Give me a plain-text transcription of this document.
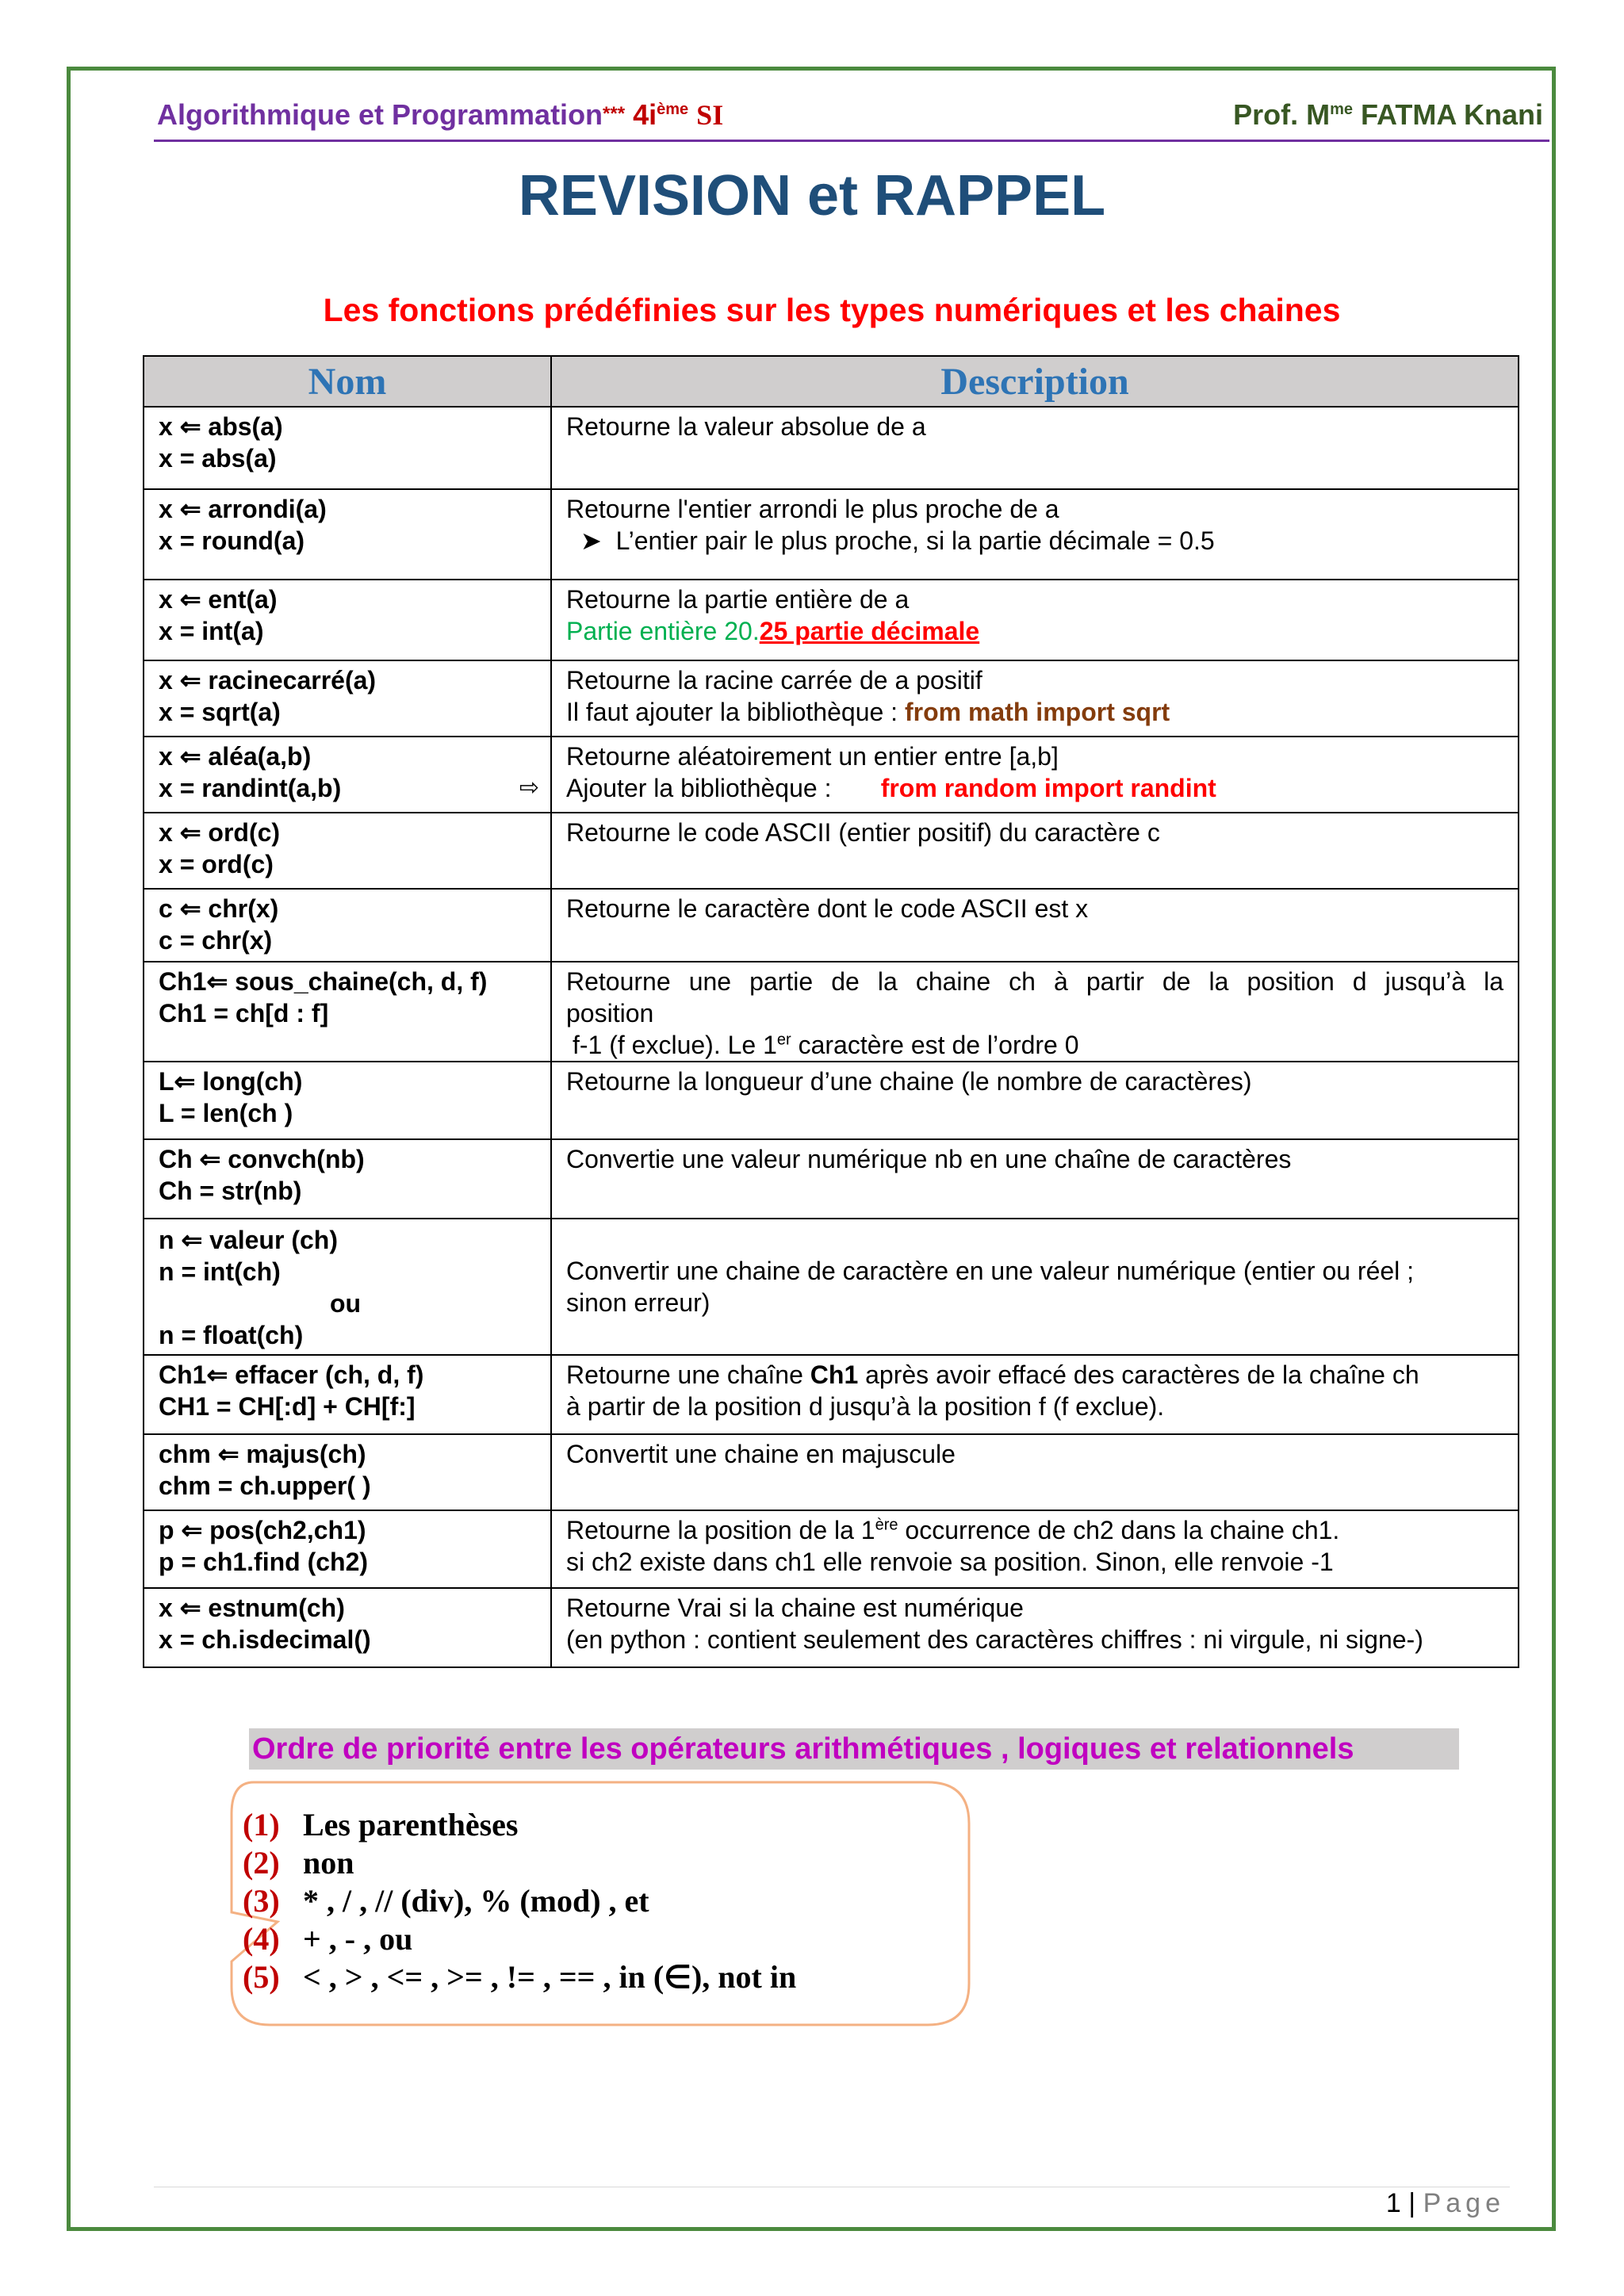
Algorithmique et Programmation*** $4i^{ème}$ SI	Prof. $M^{me}$ FATMA Knani
REVISION et RAPPEL
Les fonctions prédéfinies sur les types numériques et les chaines
Nom	Description

x ⇐ abs(a)
x = abs(a)	Retourne la valeur absolue de a

x ⇐ arrondi(a)
x = round(a)	Retourne l'entier arrondi le plus proche de a
➤ L’entier pair le plus proche, si la partie décimale = 0.5

x ⇐ ent(a)
x = int(a)	Retourne la partie entière de a
Partie entière 20.25 partie décimale

x ⇐ racinecarré(a)
x = sqrt(a)	Retourne la racine carrée de a positif
Il faut ajouter la bibliothèque : from math import sqrt

x ⇐ aléa(a,b)
x = randint(a,b) ⇨	Retourne aléatoirement un entier entre [a,b]
Ajouter la bibliothèque : from random import randint

x ⇐ ord(c)
x = ord(c)	Retourne le code ASCII (entier positif) du caractère c

c ⇐ chr(x)
c = chr(x)	Retourne le caractère dont le code ASCII est x

Ch1⇐ sous_chaine(ch, d, f)
Ch1 = ch[d : f]	Retourne une partie de la chaine ch à partir de la position d jusqu’à la
position
f-1 (f exclue). Le 1er caractère est de l’ordre 0

L⇐ long(ch)
L = len(ch )	Retourne la longueur d’une chaine (le nombre de caractères)

Ch ⇐ convch(nb)
Ch = str(nb)	Convertie une valeur numérique nb en une chaîne de caractères

n ⇐ valeur (ch)
n = int(ch)
ou
n = float(ch)	Convertir une chaine de caractère en une valeur numérique (entier ou réel ;
sinon erreur)

Ch1⇐ effacer (ch, d, f)
CH1 = CH[:d] + CH[f:]	Retourne une chaîne Ch1 après avoir effacé des caractères de la chaîne ch
à partir de la position d jusqu’à la position f (f exclue).

chm ⇐ majus(ch)
chm = ch.upper( )	Convertit une chaine en majuscule

p ⇐ pos(ch2,ch1)
p = ch1.find (ch2)	Retourne la position de la 1ère occurrence de ch2 dans la chaine ch1.
si ch2 existe dans ch1 elle renvoie sa position. Sinon, elle renvoie -1

x ⇐ estnum(ch)
x = ch.isdecimal()	Retourne Vrai si la chaine est numérique
(en python : contient seulement des caractères chiffres : ni virgule, ni signe-)
Ordre de priorité entre les opérateurs arithmétiques , logiques et relationnels
(1) Les parenthèses
(2) non
(3) * , / , // (div), % (mod) , et
(4) + , - , ou
(5) < , > , <= , >= , != , == , in (∈), not in
1 | Page
